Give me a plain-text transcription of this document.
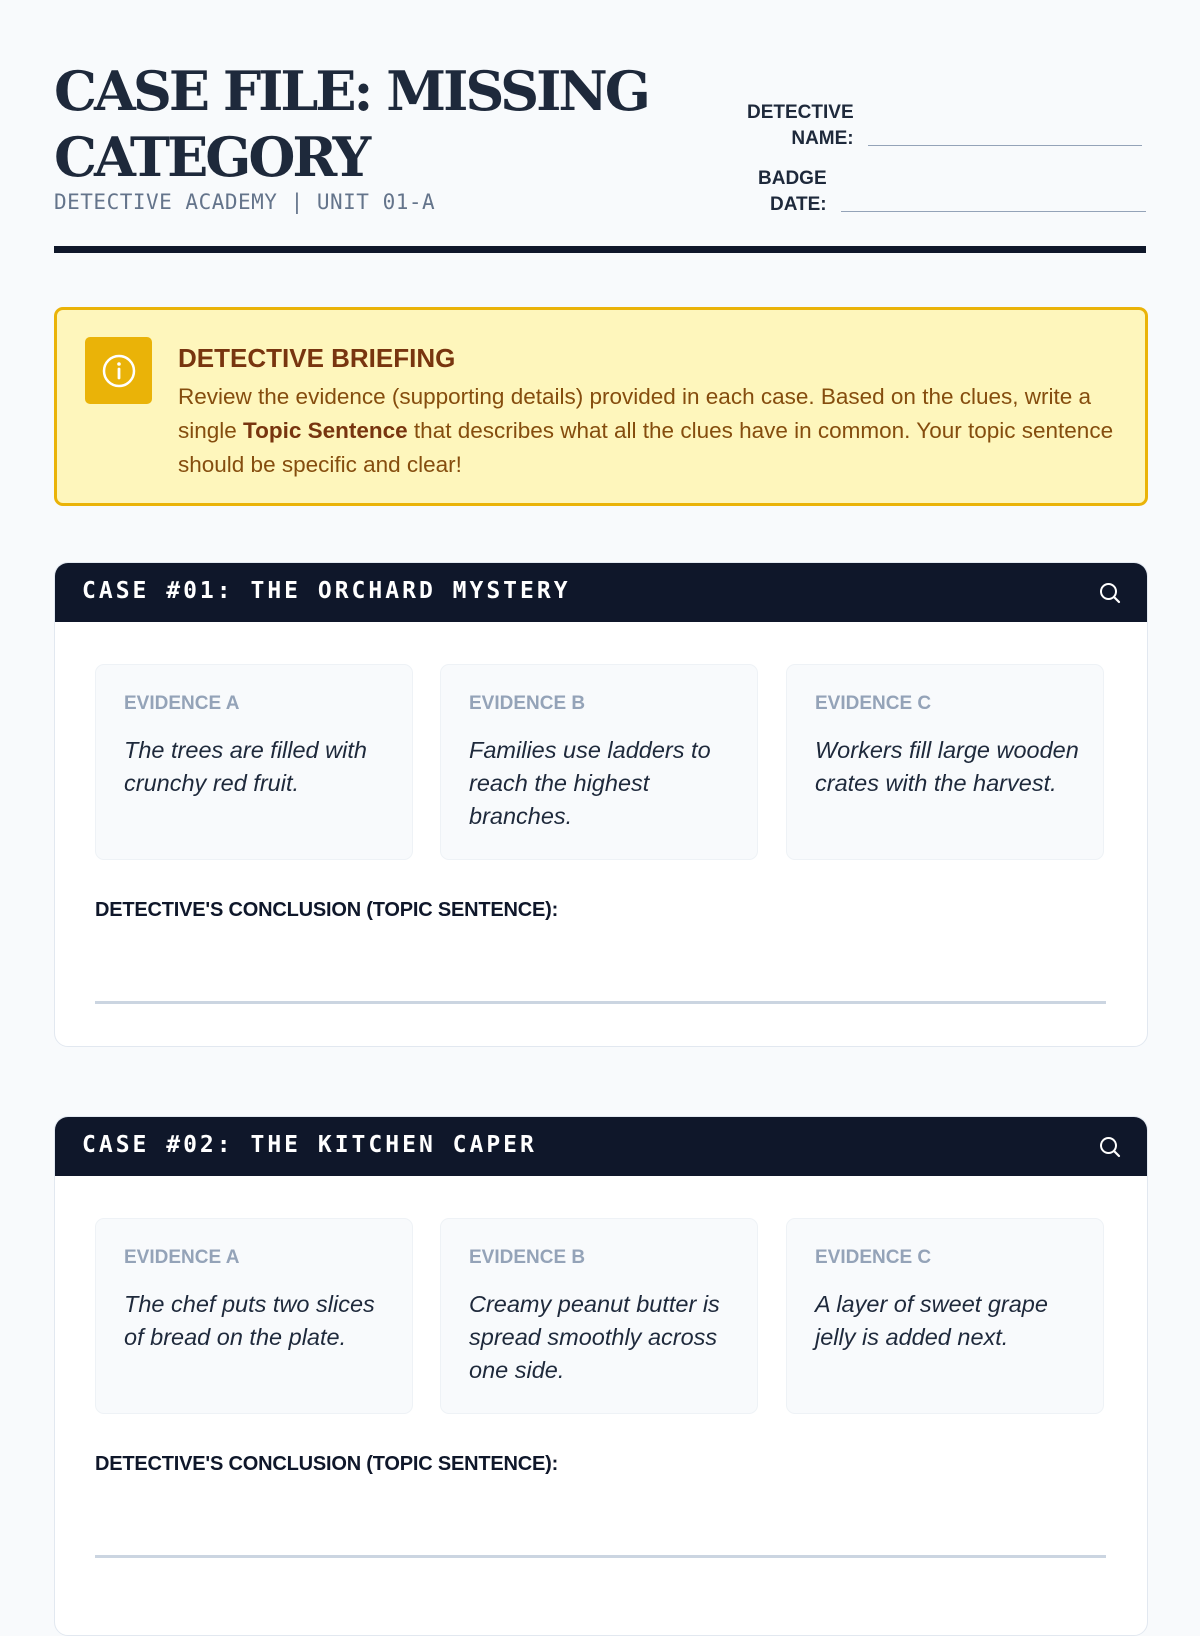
CASE FILE: MISSING CATEGORY
DETECTIVE ACADEMY | UNIT 01-A
DETECTIVE
NAME:
BADGE
DATE:
DETECTIVE BRIEFING
Review the evidence (supporting details) provided in each case. Based on the clues, write a single Topic Sentence that describes what all the clues have in common. Your topic sentence should be specific and clear!
CASE #01: THE ORCHARD MYSTERY
EVIDENCE A
The trees are filled with crunchy red fruit.
EVIDENCE B
Families use ladders to reach the highest branches.
EVIDENCE C
Workers fill large wooden crates with the harvest.
DETECTIVE'S CONCLUSION (TOPIC SENTENCE):
CASE #02: THE KITCHEN CAPER
EVIDENCE A
The chef puts two slices of bread on the plate.
EVIDENCE B
Creamy peanut butter is spread smoothly across one side.
EVIDENCE C
A layer of sweet grape jelly is added next.
DETECTIVE'S CONCLUSION (TOPIC SENTENCE):
